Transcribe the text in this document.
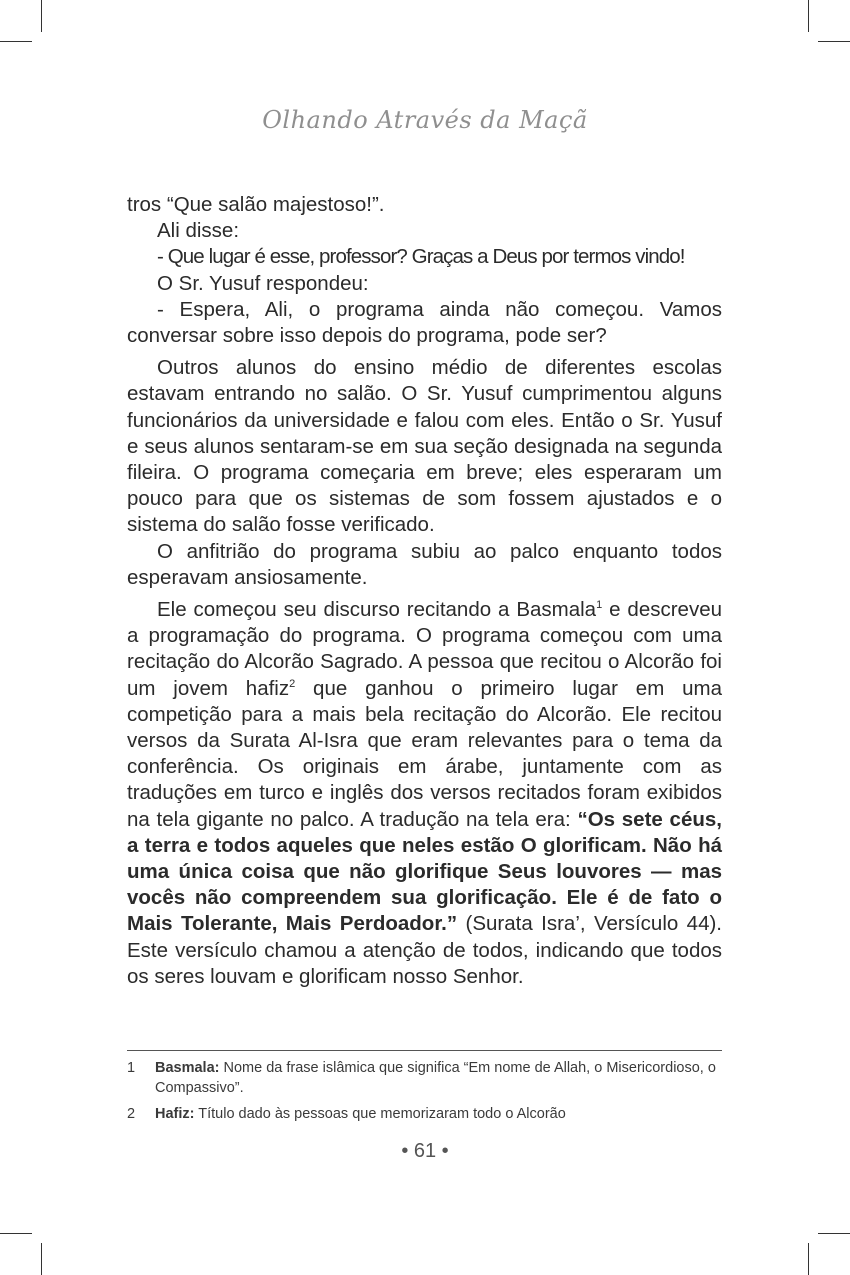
Olhando Através da Maçã

tros “Que salão majestoso!”.

Ali disse:

- Que lugar é esse, professor? Graças a Deus por termos vindo!

O Sr. Yusuf respondeu:

- Espera, Ali, o programa ainda não começou. Vamos conversar sobre isso depois do programa, pode ser?

Outros alunos do ensino médio de diferentes escolas estavam entrando no salão. O Sr. Yusuf cumprimentou alguns funcionários da universidade e falou com eles. Então o Sr. Yusuf e seus alunos sentaram-se em sua seção designada na segunda fileira. O programa começaria em breve; eles esperaram um pouco para que os sistemas de som fossem ajustados e o sistema do salão fosse verificado.

O anfitrião do programa subiu ao palco enquanto todos esperavam ansiosamente.

Ele começou seu discurso recitando a Basmala$^1$ e descreveu a programação do programa. O programa começou com uma recitação do Alcorão Sagrado. A pessoa que recitou o Alcorão foi um jovem hafiz$^2$ que ganhou o primeiro lugar em uma competição para a mais bela recitação do Alcorão. Ele recitou versos da Surata Al-Isra que eram relevantes para o tema da conferência. Os originais em árabe, juntamente com as traduções em turco e inglês dos versos recitados foram exibidos na tela gigante no palco. A tradução na tela era: “Os sete céus, a terra e todos aqueles que neles estão O glorificam. Não há uma única coisa que não glorifique Seus louvores — mas vocês não compreendem sua glorificação. Ele é de fato o Mais Tolerante, Mais Perdoador.” (Surata Isra’, Versículo 44). Este versículo chamou a atenção de todos, indicando que todos os seres louvam e glorificam nosso Senhor.

1 Basmala: Nome da frase islâmica que significa “Em nome de Allah, o Misericordioso, o Compassivo”.
2 Hafiz: Título dado às pessoas que memorizaram todo o Alcorão
• 61 •
